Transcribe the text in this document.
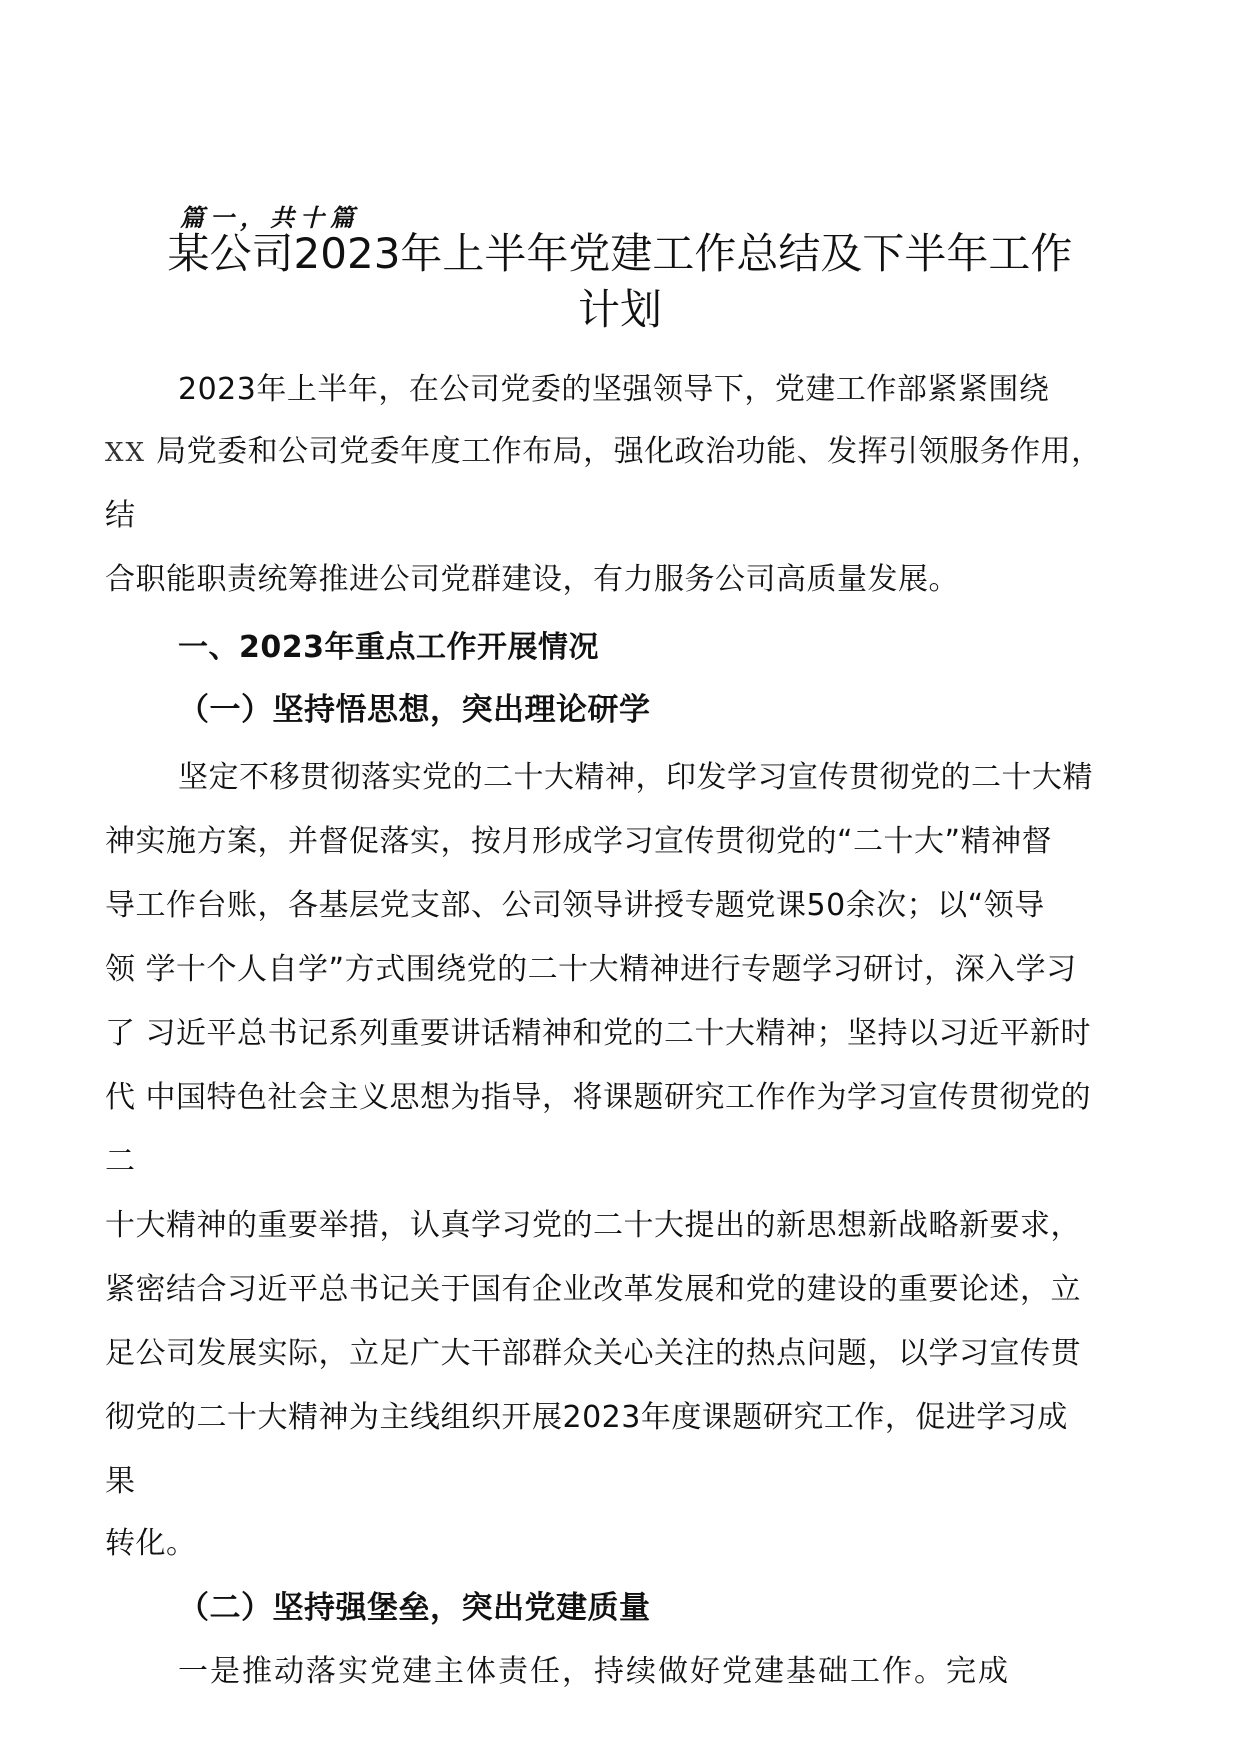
篇一，共十篇
某公司2023年上半年党建工作总结及下半年工作
计划
2023年上半年，在公司党委的坚强领导下，党建工作部紧紧围绕
XX 局党委和公司党委年度工作布局，强化政治功能、发挥引领服务作用，
结
合职能职责统筹推进公司党群建设，有力服务公司高质量发展。
一、2023年重点工作开展情况
（一）坚持悟思想，突出理论研学
坚定不移贯彻落实党的二十大精神，印发学习宣传贯彻党的二十大精
神实施方案，并督促落实，按月形成学习宣传贯彻党的“二十大”精神督
导工作台账，各基层党支部、公司领导讲授专题党课50余次；以“领导
领 学十个人自学”方式围绕党的二十大精神进行专题学习研讨，深入学习
了 习近平总书记系列重要讲话精神和党的二十大精神；坚持以习近平新时
代 中国特色社会主义思想为指导，将课题研究工作作为学习宣传贯彻党的
二
十大精神的重要举措，认真学习党的二十大提出的新思想新战略新要求，
紧密结合习近平总书记关于国有企业改革发展和党的建设的重要论述，立
足公司发展实际，立足广大干部群众关心关注的热点问题，以学习宣传贯
彻党的二十大精神为主线组织开展2023年度课题研究工作，促进学习成
果
转化。
（二）坚持强堡垒，突出党建质量
一是推动落实党建主体责任，持续做好党建基础工作。完成
